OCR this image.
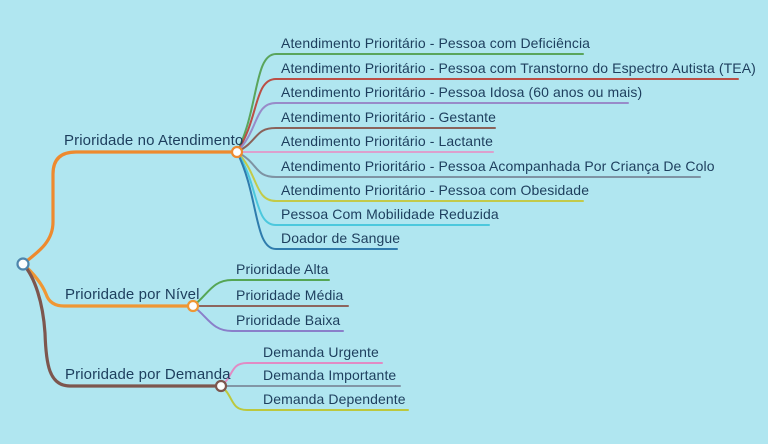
Prioridade no Atendimento
Prioridade por Nível
Prioridade por Demanda
Atendimento Prioritário - Pessoa com Deficiência
Atendimento Prioritário - Pessoa com Transtorno do Espectro Autista (TEA)
Atendimento Prioritário - Pessoa Idosa (60 anos ou mais)
Atendimento Prioritário - Gestante
Atendimento Prioritário - Lactante
Atendimento Prioritário - Pessoa Acompanhada Por Criança De Colo
Atendimento Prioritário - Pessoa com Obesidade
Pessoa Com Mobilidade Reduzida
Doador de Sangue
Prioridade Alta
Prioridade Média
Prioridade Baixa
Demanda Urgente
Demanda Importante
Demanda Dependente
